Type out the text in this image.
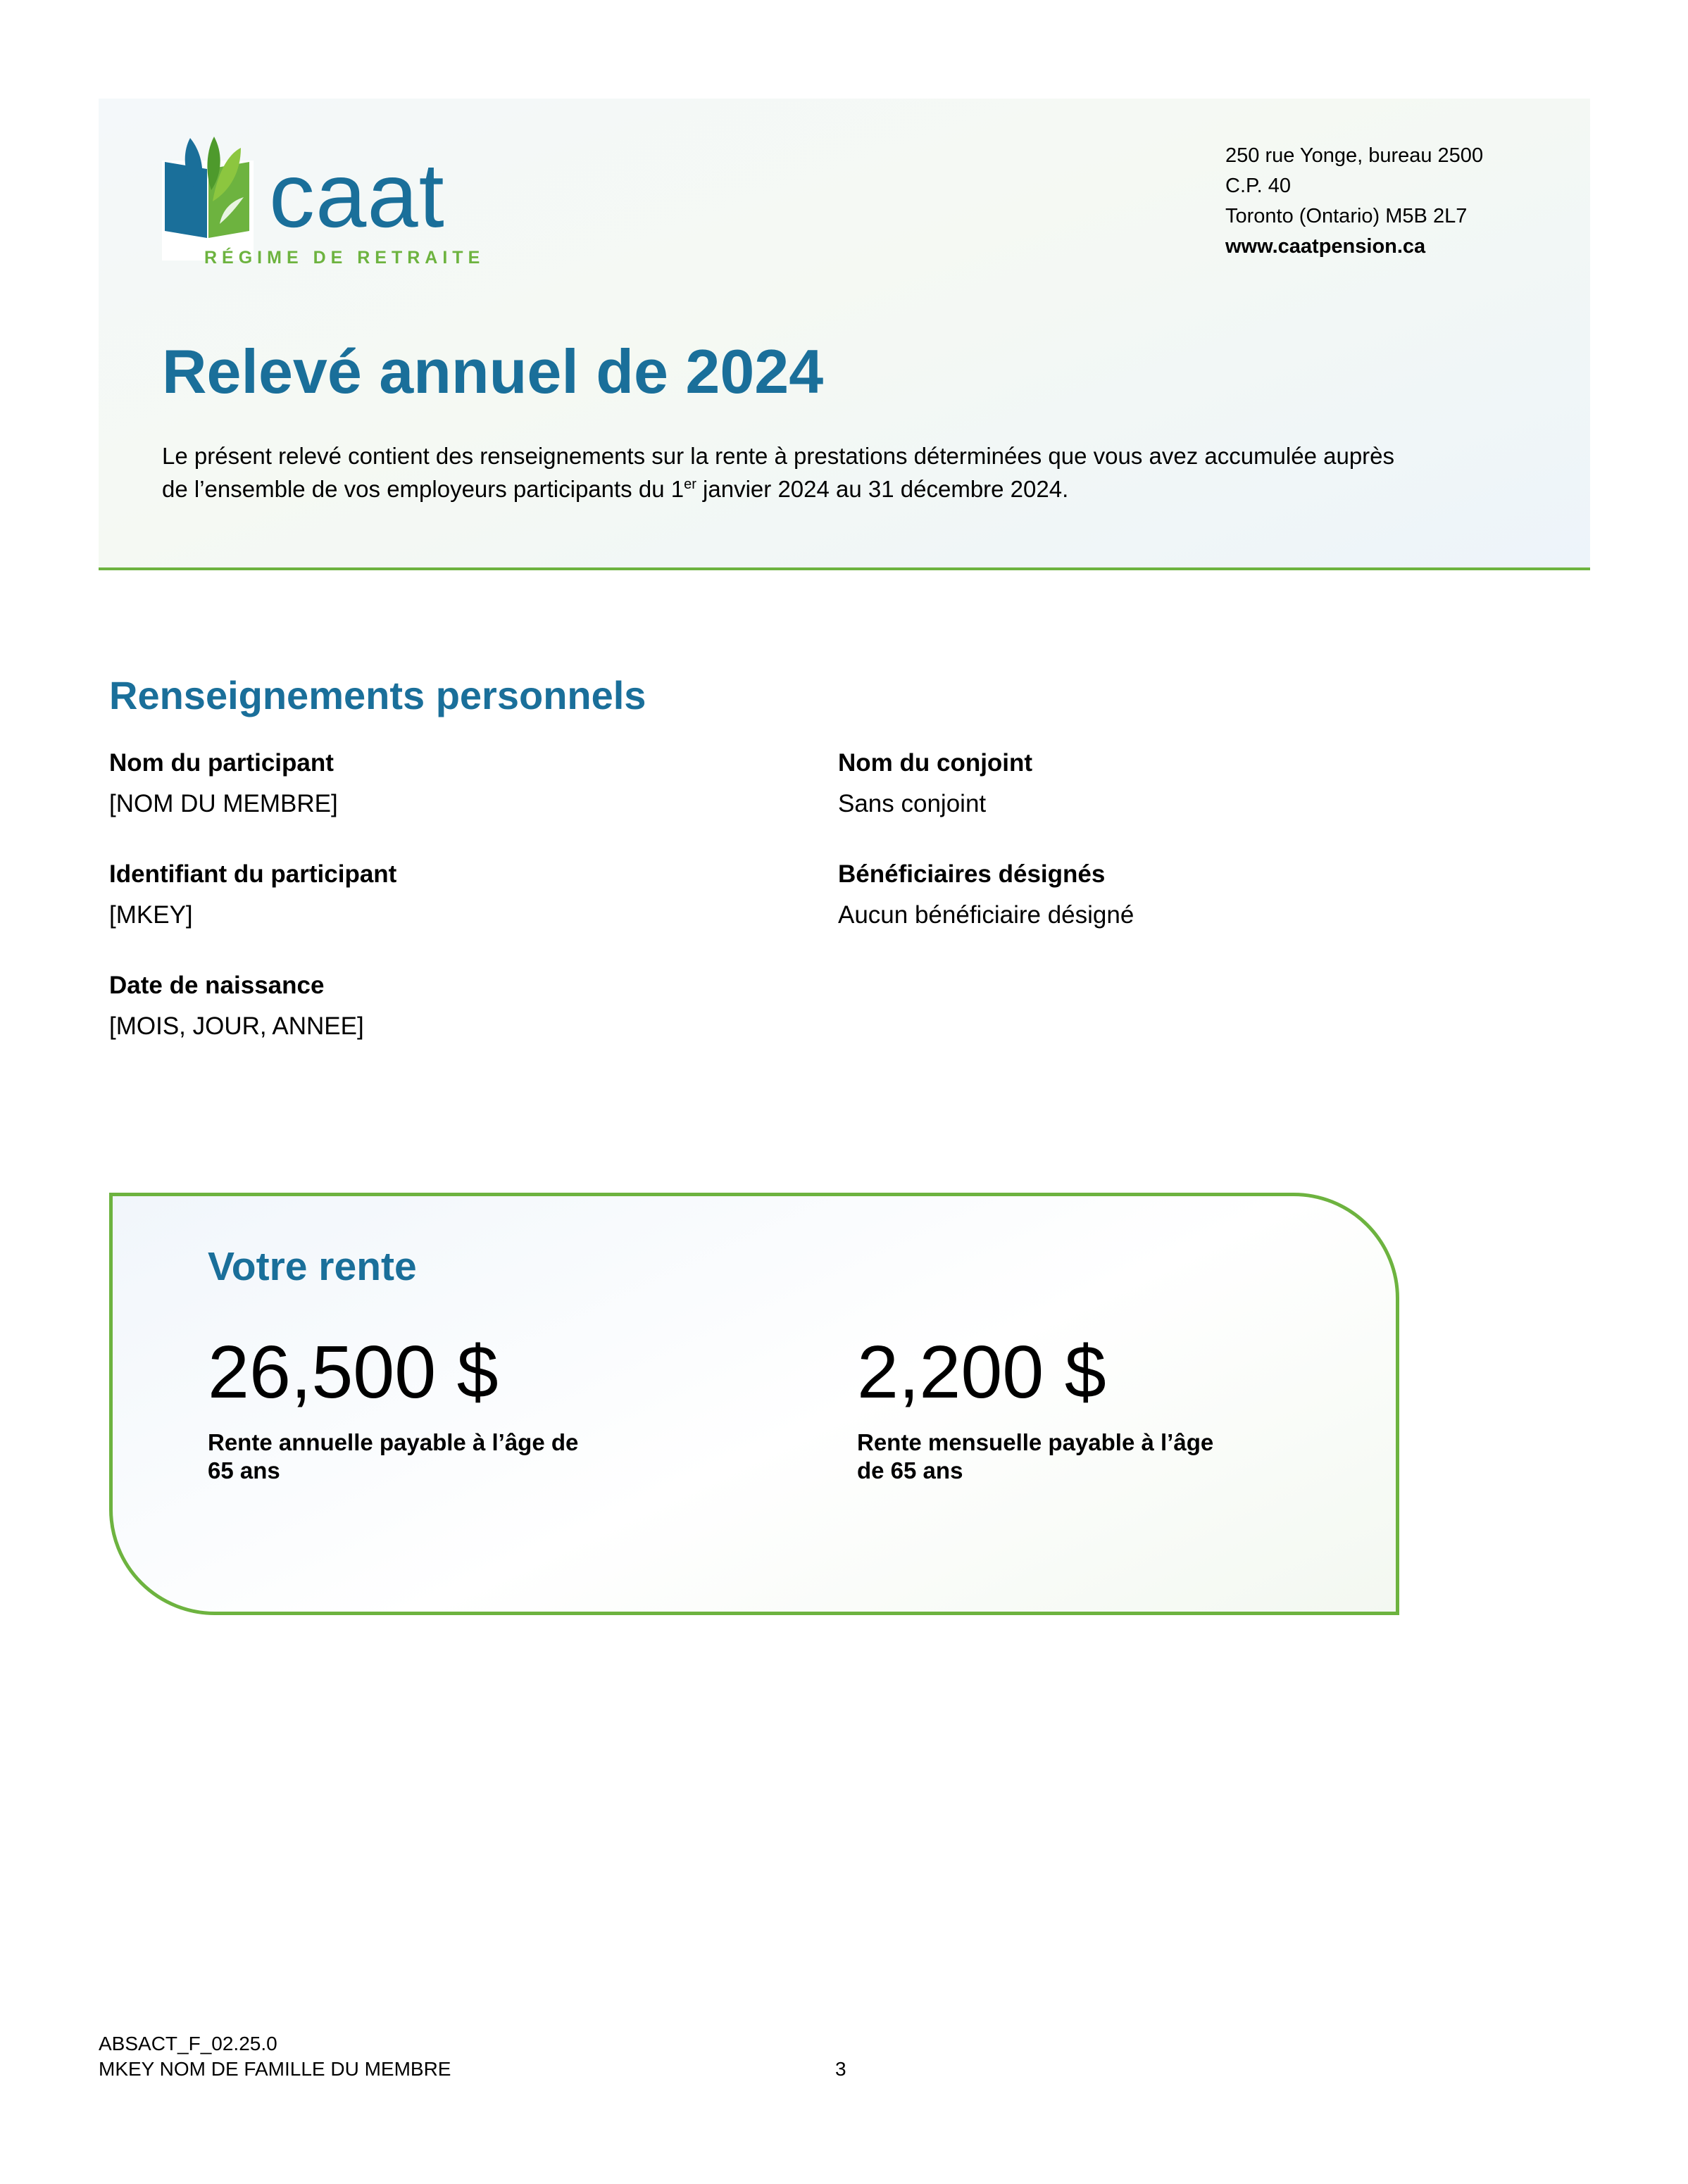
caat
RÉGIME DE RETRAITE
250 rue Yonge, bureau 2500
C.P. 40
Toronto (Ontario) M5B 2L7
www.caatpension.ca
Relevé annuel de 2024
Le présent relevé contient des renseignements sur la rente à prestations déterminées que vous avez accumulée auprès de l’ensemble de vos employeurs participants du 1er janvier 2024 au 31 décembre 2024.
Renseignements personnels
Nom du participant
[NOM DU MEMBRE]
Identifiant du participant
[MKEY]
Date de naissance
[MOIS, JOUR, ANNEE]
Nom du conjoint
Sans conjoint
Bénéficiaires désignés
Aucun bénéficiaire désigné
Votre rente
26,500 $
Rente annuelle payable à l’âge de 65 ans
2,200 $
Rente mensuelle payable à l’âge de 65 ans
ABSACT_F_02.25.0
MKEY NOM DE FAMILLE DU MEMBRE	3
